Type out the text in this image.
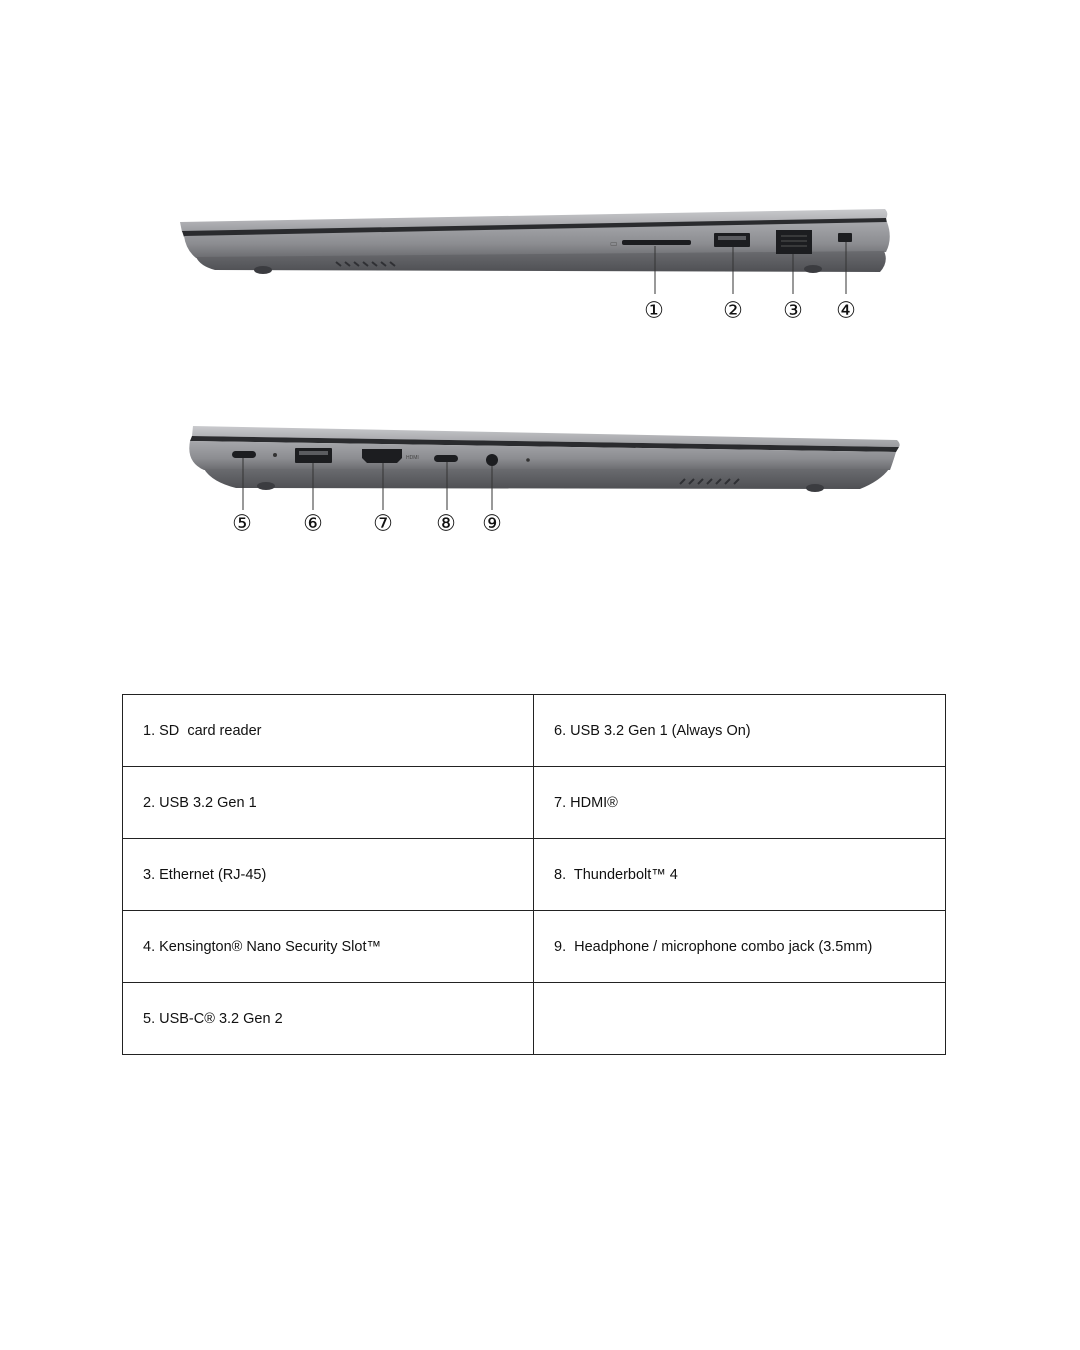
▭
①	② ③ ④
HDMI
⑤ ⑥ ⑦ ⑧ ⑨
1. SD  card reader	6. USB 3.2 Gen 1 (Always On)
2. USB 3.2 Gen 1	7. HDMI®
3. Ethernet (RJ-45)	8.  Thunderbolt™ 4
4. Kensington® Nano Security Slot™	9.  Headphone / microphone combo jack (3.5mm)
5. USB-C® 3.2 Gen 2	
